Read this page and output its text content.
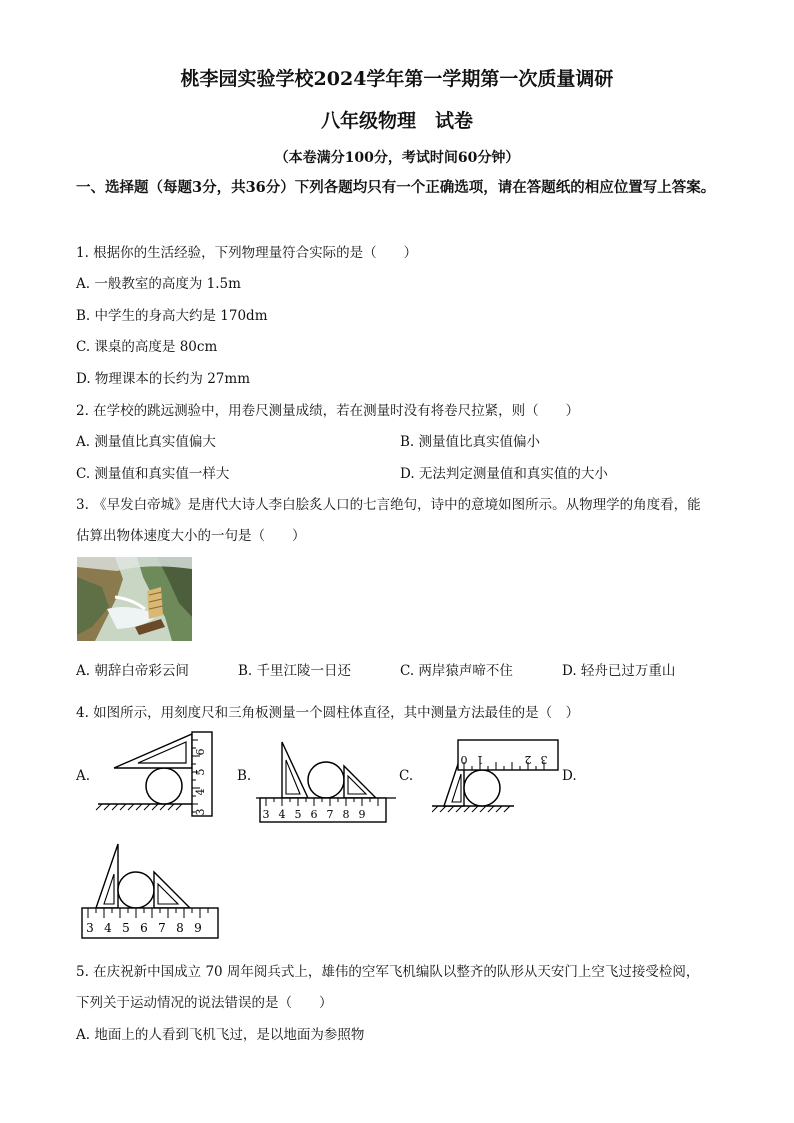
桃李园实验学校2024学年第一学期第一次质量调研
八年级物理　试卷
（本卷满分100分，考试时间60分钟）
一、选择题（每题3分，共36分）下列各题均只有一个正确选项，请在答题纸的相应位置写上答案。
1. 根据你的生活经验，下列物理量符合实际的是（　　）
A. 一般教室的高度为 1.5m
B. 中学生的身高大约是 170dm
C. 课桌的高度是 80cm
D. 物理课本的长约为 27mm
2. 在学校的跳远测验中，用卷尺测量成绩，若在测量时没有将卷尺拉紧，则（　　）
A. 测量值比真实值偏大	B. 测量值比真实值偏小
C. 测量值和真实值一样大	D. 无法判定测量值和真实值的大小
3. 《早发白帝城》是唐代大诗人李白脍炙人口的七言绝句，诗中的意境如图所示。从物理学的角度看，能
估算出物体速度大小的一句是（　　）
A. 朝辞白帝彩云间	B. 千里江陵一日还	C. 两岸猿声啼不住	D. 轻舟已过万重山
4. 如图所示，用刻度尺和三角板测量一个圆柱体直径，其中测量方法最佳的是（　）
A.	B.	C.	D.
6
5
4
3	3 4 5 6 7 8 9
0 1	2 3
3 4 5 6 7 8 9
5. 在庆祝新中国成立 70 周年阅兵式上，雄伟的空军飞机编队以整齐的队形从天安门上空飞过接受检阅，
下列关于运动情况的说法错误的是（　　）
A. 地面上的人看到飞机飞过，是以地面为参照物
